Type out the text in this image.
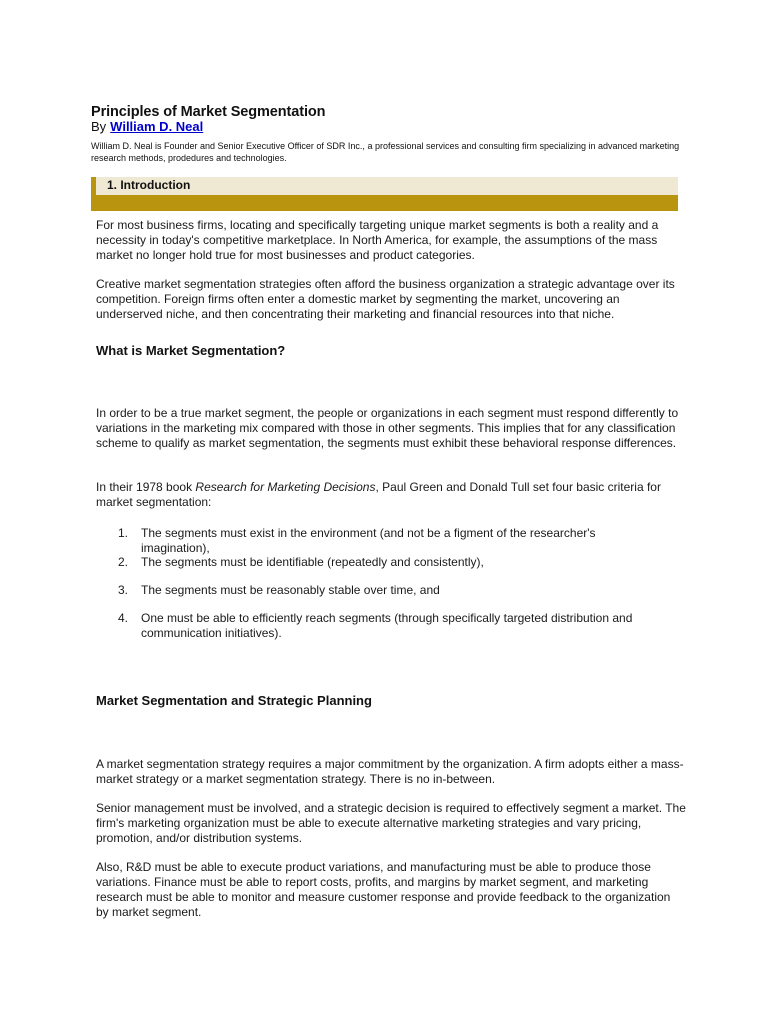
Principles of Market Segmentation
By William D. Neal
William D. Neal is Founder and Senior Executive Officer of SDR Inc., a professional services and consulting firm specializing in advanced marketing research methods, prodedures and technologies.
1. Introduction

For most business firms, locating and specifically targeting unique market segments is both a reality and a necessity in today's competitive marketplace. In North America, for example, the assumptions of the mass market no longer hold true for most businesses and product categories.

Creative market segmentation strategies often afford the business organization a strategic advantage over its competition. Foreign firms often enter a domestic market by segmenting the market, uncovering an underserved niche, and then concentrating their marketing and financial resources into that niche.

What is Market Segmentation?

In order to be a true market segment, the people or organizations in each segment must respond differently to variations in the marketing mix compared with those in other segments. This implies that for any classification scheme to qualify as market segmentation, the segments must exhibit these behavioral response differences.

In their 1978 book Research for Marketing Decisions, Paul Green and Donald Tull set four basic criteria for market segmentation:

1. The segments must exist in the environment (and not be a figment of the researcher's imagination),
2. The segments must be identifiable (repeatedly and consistently),
3. The segments must be reasonably stable over time, and
4. One must be able to efficiently reach segments (through specifically targeted distribution and communication initiatives).
Market Segmentation and Strategic Planning

A market segmentation strategy requires a major commitment by the organization. A firm adopts either a mass-market strategy or a market segmentation strategy. There is no in-between.

Senior management must be involved, and a strategic decision is required to effectively segment a market. The firm's marketing organization must be able to execute alternative marketing strategies and vary pricing, promotion, and/or distribution systems.

Also, R&D must be able to execute product variations, and manufacturing must be able to produce those variations. Finance must be able to report costs, profits, and margins by market segment, and marketing research must be able to monitor and measure customer response and provide feedback to the organization by market segment.
